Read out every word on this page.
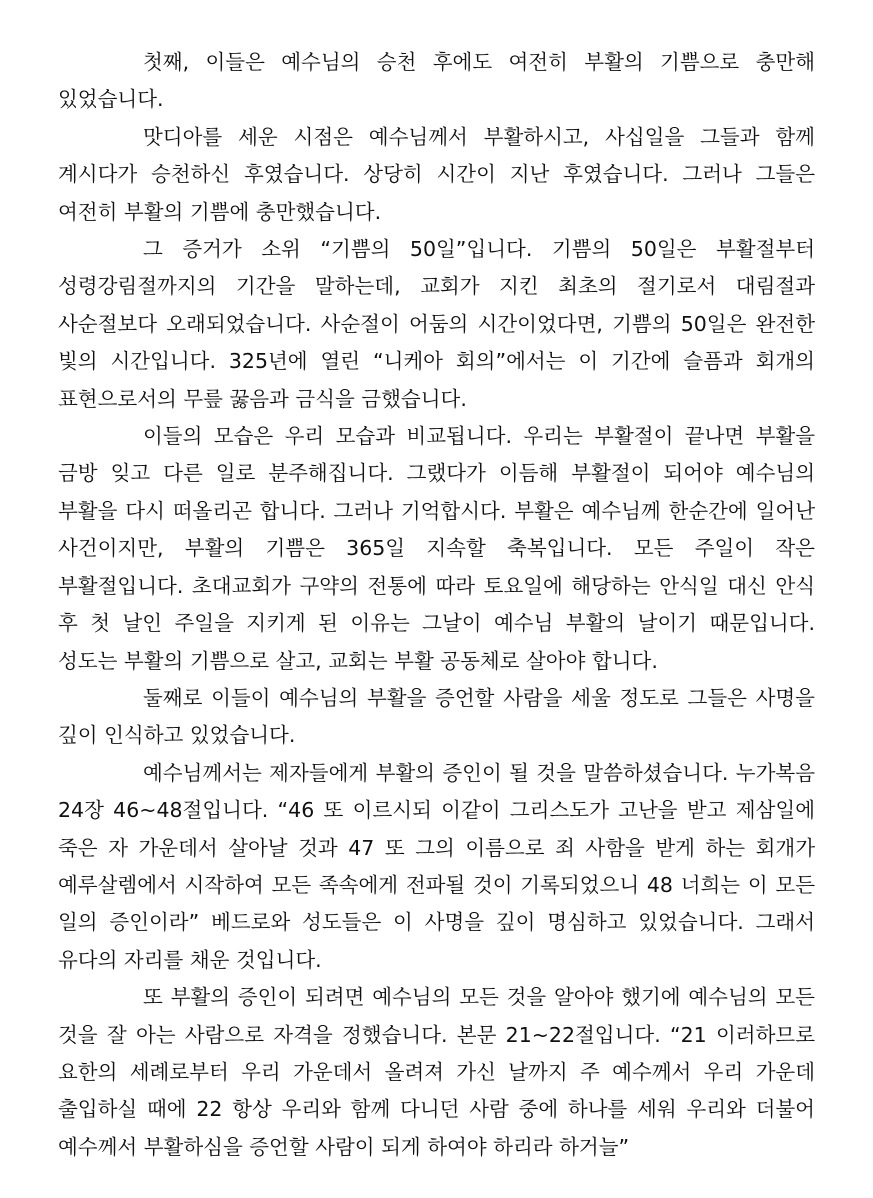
첫째, 이들은 예수님의 승천 후에도 여전히 부활의 기쁨으로 충만해 있었습니다.

맛디아를 세운 시점은 예수님께서 부활하시고, 사십일을 그들과 함께 계시다가 승천하신 후였습니다. 상당히 시간이 지난 후였습니다. 그러나 그들은 여전히 부활의 기쁨에 충만했습니다.

그 증거가 소위 “기쁨의 50일”입니다. 기쁨의 50일은 부활절부터 성령강림절까지의 기간을 말하는데, 교회가 지킨 최초의 절기로서 대림절과 사순절보다 오래되었습니다. 사순절이 어둠의 시간이었다면, 기쁨의 50일은 완전한 빛의 시간입니다. 325년에 열린 “니케아 회의”에서는 이 기간에 슬픔과 회개의 표현으로서의 무릎 꿇음과 금식을 금했습니다.

이들의 모습은 우리 모습과 비교됩니다. 우리는 부활절이 끝나면 부활을 금방 잊고 다른 일로 분주해집니다. 그랬다가 이듬해 부활절이 되어야 예수님의 부활을 다시 떠올리곤 합니다. 그러나 기억합시다. 부활은 예수님께 한순간에 일어난 사건이지만, 부활의 기쁨은 365일 지속할 축복입니다. 모든 주일이 작은 부활절입니다. 초대교회가 구약의 전통에 따라 토요일에 해당하는 안식일 대신 안식 후 첫 날인 주일을 지키게 된 이유는 그날이 예수님 부활의 날이기 때문입니다. 성도는 부활의 기쁨으로 살고, 교회는 부활 공동체로 살아야 합니다.

둘째로 이들이 예수님의 부활을 증언할 사람을 세울 정도로 그들은 사명을 깊이 인식하고 있었습니다.

예수님께서는 제자들에게 부활의 증인이 될 것을 말씀하셨습니다. 누가복음 24장 46~48절입니다. “46 또 이르시되 이같이 그리스도가 고난을 받고 제삼일에 죽은 자 가운데서 살아날 것과 47 또 그의 이름으로 죄 사함을 받게 하는 회개가 예루살렘에서 시작하여 모든 족속에게 전파될 것이 기록되었으니 48 너희는 이 모든 일의 증인이라” 베드로와 성도들은 이 사명을 깊이 명심하고 있었습니다. 그래서 유다의 자리를 채운 것입니다.

또 부활의 증인이 되려면 예수님의 모든 것을 알아야 했기에 예수님의 모든 것을 잘 아는 사람으로 자격을 정했습니다. 본문 21~22절입니다. “21 이러하므로 요한의 세례로부터 우리 가운데서 올려져 가신 날까지 주 예수께서 우리 가운데 출입하실 때에 22 항상 우리와 함께 다니던 사람 중에 하나를 세워 우리와 더불어 예수께서 부활하심을 증언할 사람이 되게 하여야 하리라 하거늘”
